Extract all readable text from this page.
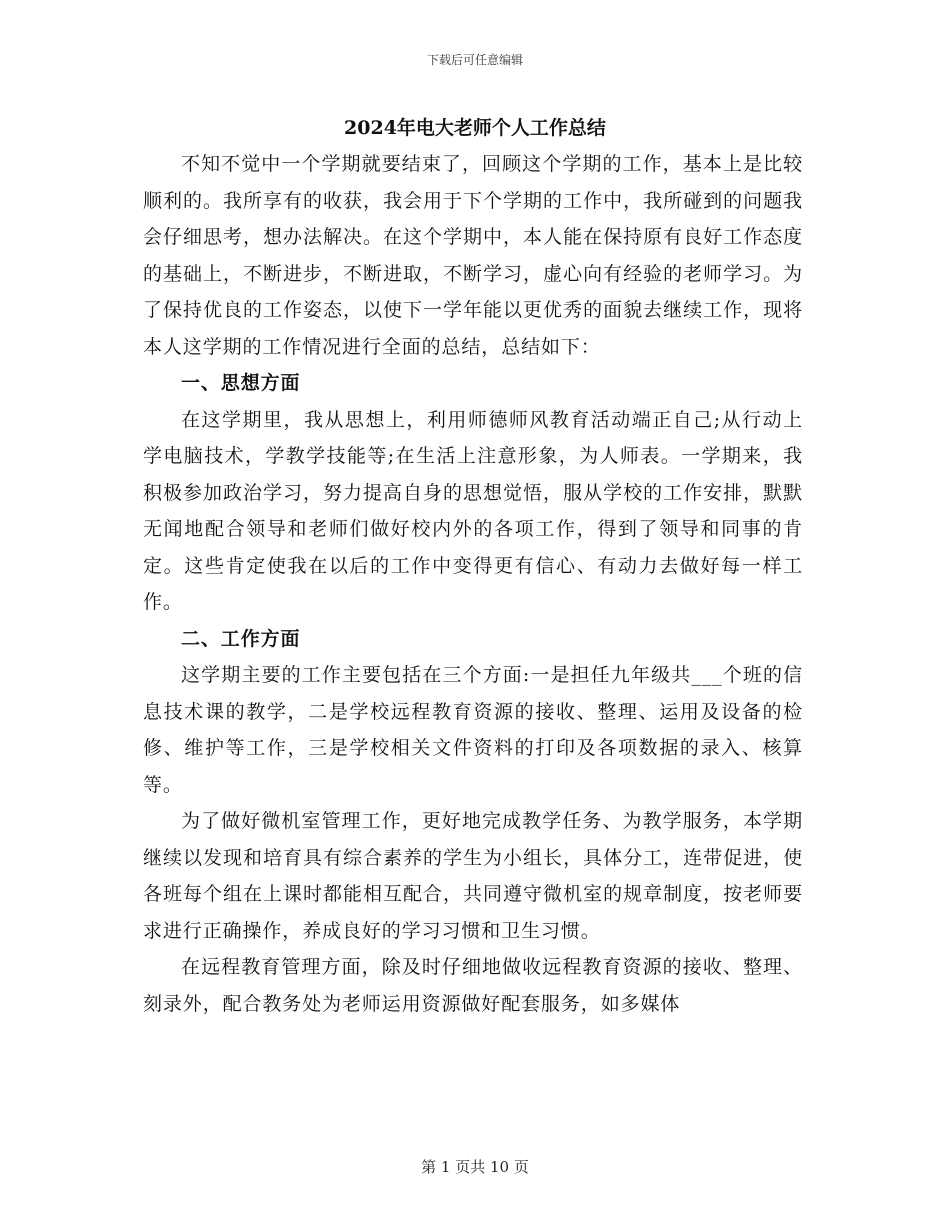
下载后可任意编辑
2024年电大老师个人工作总结

不知不觉中一个学期就要结束了，回顾这个学期的工作，基本上是比较顺利的。我所享有的收获，我会用于下个学期的工作中，我所碰到的问题我会仔细思考，想办法解决。在这个学期中，本人能在保持原有良好工作态度的基础上，不断进步，不断进取，不断学习，虚心向有经验的老师学习。为了保持优良的工作姿态，以使下一学年能以更优秀的面貌去继续工作，现将本人这学期的工作情况进行全面的总结，总结如下：

一、思想方面

在这学期里，我从思想上，利用师德师风教育活动端正自己;从行动上学电脑技术，学教学技能等;在生活上注意形象，为人师表。一学期来，我积极参加政治学习，努力提高自身的思想觉悟，服从学校的工作安排，默默无闻地配合领导和老师们做好校内外的各项工作，得到了领导和同事的肯定。这些肯定使我在以后的工作中变得更有信心、有动力去做好每一样工作。

二、工作方面

这学期主要的工作主要包括在三个方面:一是担任九年级共___个班的信息技术课的教学，二是学校远程教育资源的接收、整理、运用及设备的检修、维护等工作，三是学校相关文件资料的打印及各项数据的录入、核算等。

为了做好微机室管理工作，更好地完成教学任务、为教学服务，本学期继续以发现和培育具有综合素养的学生为小组长，具体分工，连带促进，使各班每个组在上课时都能相互配合，共同遵守微机室的规章制度，按老师要求进行正确操作，养成良好的学习习惯和卫生习惯。

在远程教育管理方面，除及时仔细地做收远程教育资源的接收、整理、刻录外，配合教务处为老师运用资源做好配套服务，如多媒体

第 1 页共 10 页
